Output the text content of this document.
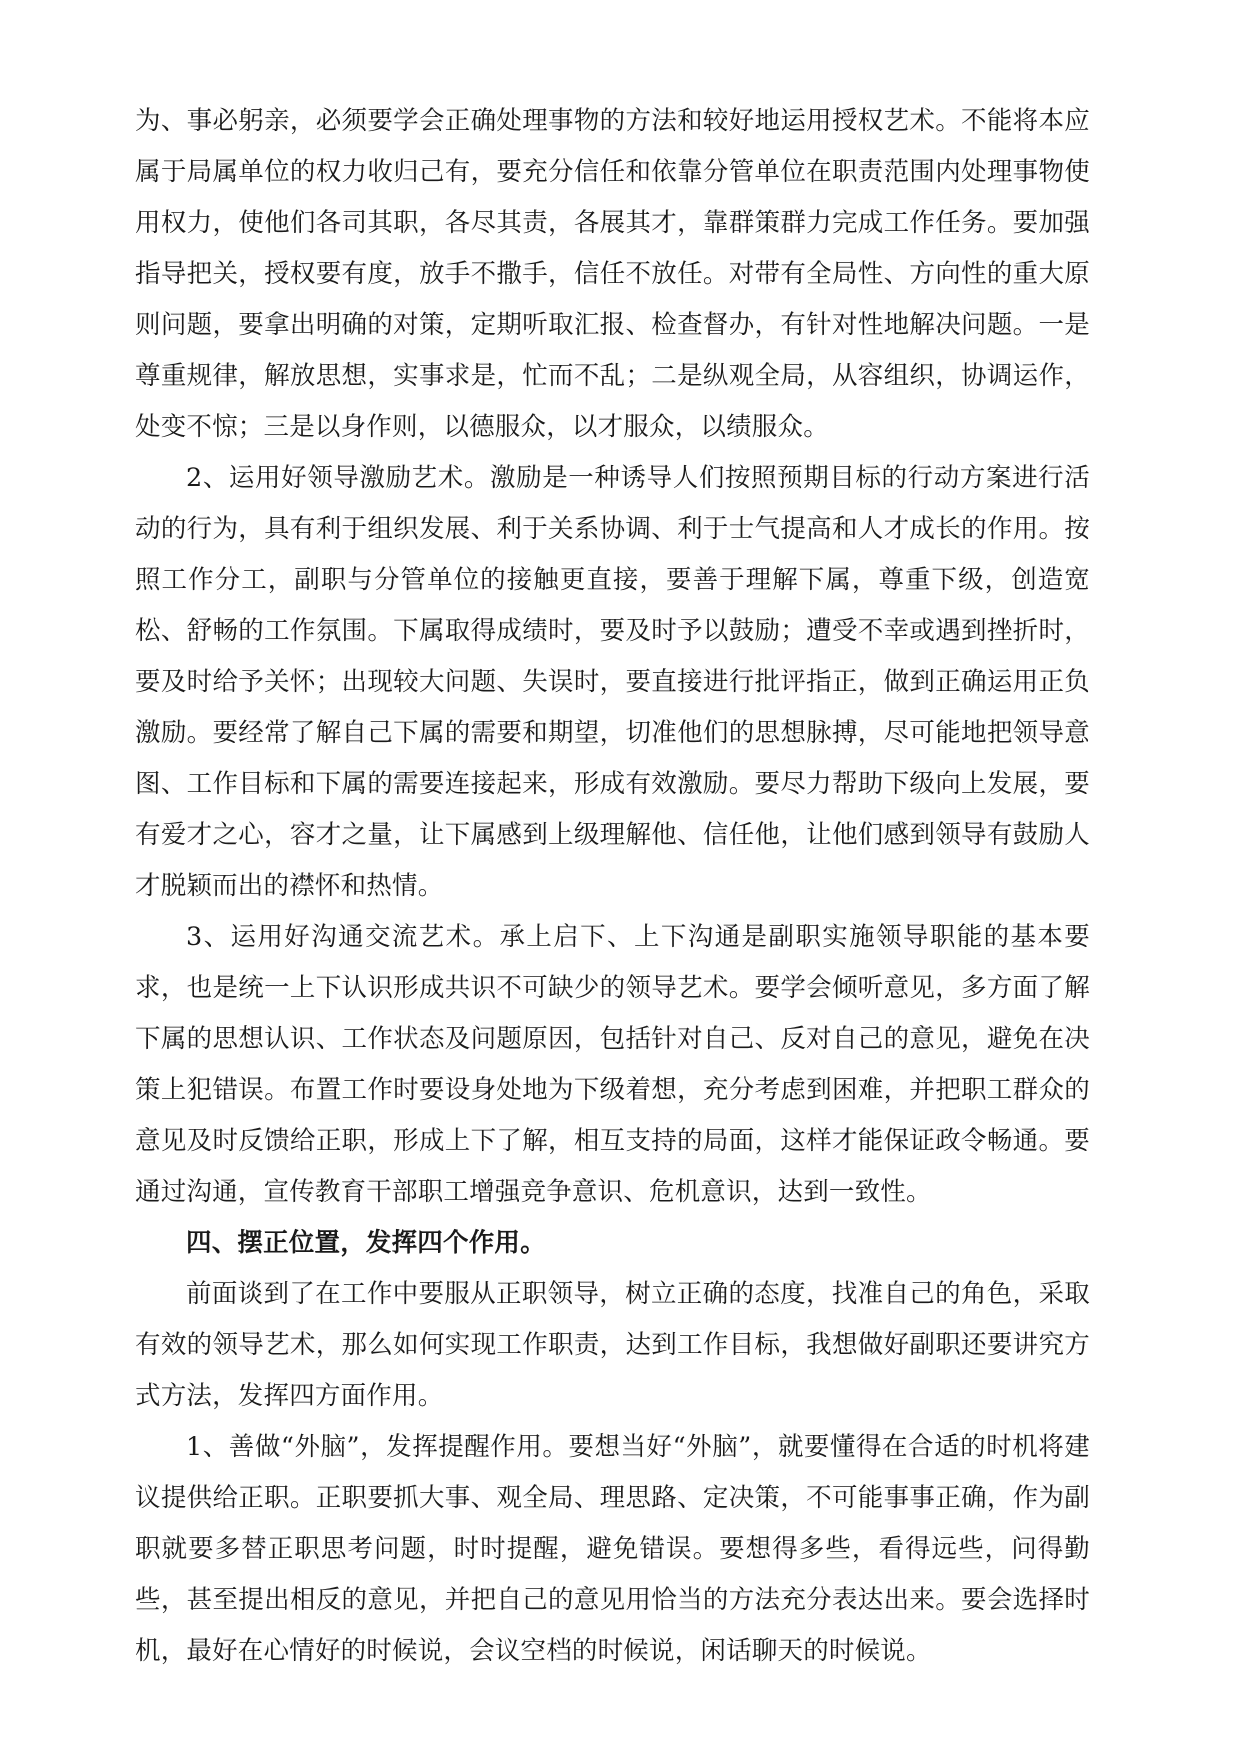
为、事必躬亲，必须要学会正确处理事物的方法和较好地运用授权艺术。不能将本应属于局属单位的权力收归己有，要充分信任和依靠分管单位在职责范围内处理事物使用权力，使他们各司其职，各尽其责，各展其才，靠群策群力完成工作任务。要加强指导把关，授权要有度，放手不撒手，信任不放任。对带有全局性、方向性的重大原则问题，要拿出明确的对策，定期听取汇报、检查督办，有针对性地解决问题。一是尊重规律，解放思想，实事求是，忙而不乱；二是纵观全局，从容组织，协调运作，处变不惊；三是以身作则，以德服众，以才服众，以绩服众。

2、运用好领导激励艺术。激励是一种诱导人们按照预期目标的行动方案进行活动的行为，具有利于组织发展、利于关系协调、利于士气提高和人才成长的作用。按照工作分工，副职与分管单位的接触更直接，要善于理解下属，尊重下级，创造宽松、舒畅的工作氛围。下属取得成绩时，要及时予以鼓励；遭受不幸或遇到挫折时，要及时给予关怀；出现较大问题、失误时，要直接进行批评指正，做到正确运用正负激励。要经常了解自己下属的需要和期望，切准他们的思想脉搏，尽可能地把领导意图、工作目标和下属的需要连接起来，形成有效激励。要尽力帮助下级向上发展，要有爱才之心，容才之量，让下属感到上级理解他、信任他，让他们感到领导有鼓励人才脱颖而出的襟怀和热情。

3、运用好沟通交流艺术。承上启下、上下沟通是副职实施领导职能的基本要求，也是统一上下认识形成共识不可缺少的领导艺术。要学会倾听意见，多方面了解下属的思想认识、工作状态及问题原因，包括针对自己、反对自己的意见，避免在决策上犯错误。布置工作时要设身处地为下级着想，充分考虑到困难，并把职工群众的意见及时反馈给正职，形成上下了解，相互支持的局面，这样才能保证政令畅通。要通过沟通，宣传教育干部职工增强竞争意识、危机意识，达到一致性。

四、摆正位置，发挥四个作用。

前面谈到了在工作中要服从正职领导，树立正确的态度，找准自己的角色，采取有效的领导艺术，那么如何实现工作职责，达到工作目标，我想做好副职还要讲究方式方法，发挥四方面作用。

1、善做“外脑”，发挥提醒作用。要想当好“外脑”，就要懂得在合适的时机将建议提供给正职。正职要抓大事、观全局、理思路、定决策，不可能事事正确，作为副职就要多替正职思考问题，时时提醒，避免错误。要想得多些，看得远些，问得勤些，甚至提出相反的意见，并把自己的意见用恰当的方法充分表达出来。要会选择时机，最好在心情好的时候说，会议空档的时候说，闲话聊天的时候说。
